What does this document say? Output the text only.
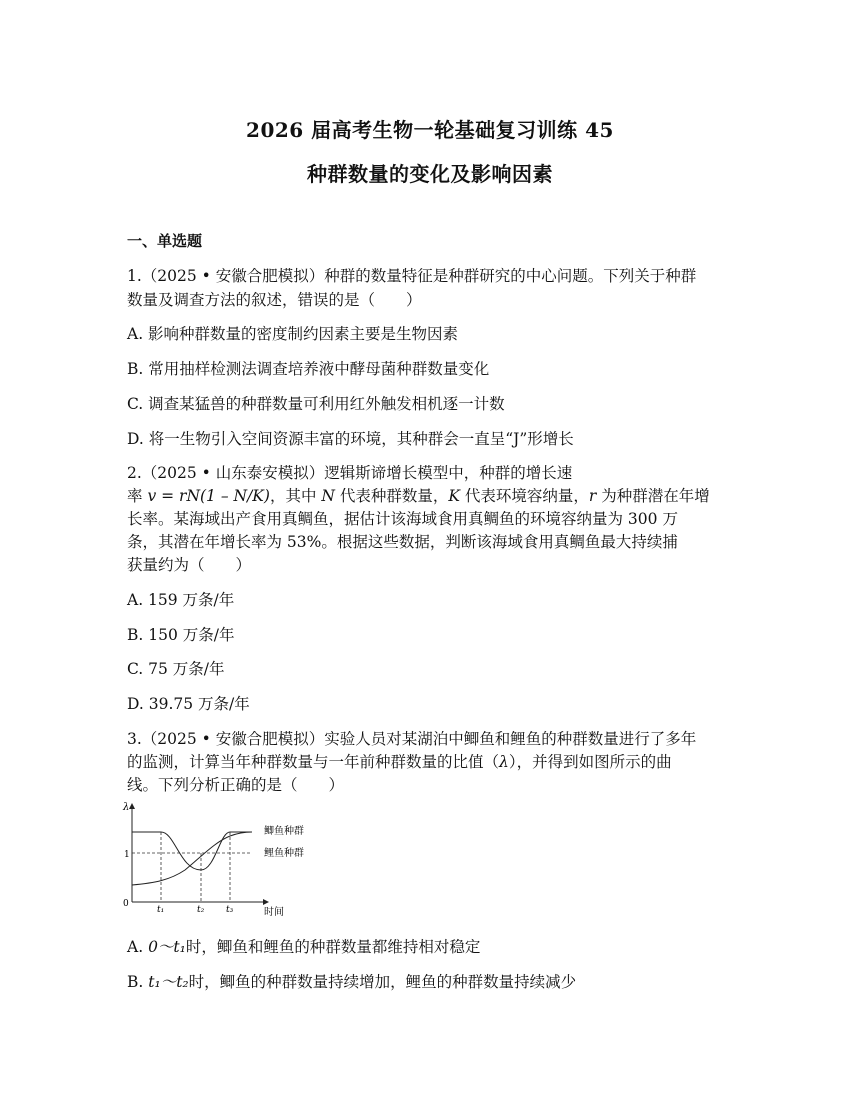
2026 届高考生物一轮基础复习训练 45
种群数量的变化及影响因素
一、单选题
1.（2025 • 安徽合肥模拟）种群的数量特征是种群研究的中心问题。下列关于种群
数量及调查方法的叙述，错误的是（　　）
A. 影响种群数量的密度制约因素主要是生物因素
B. 常用抽样检测法调查培养液中酵母菌种群数量变化
C. 调查某猛兽的种群数量可利用红外触发相机逐一计数
D. 将一生物引入空间资源丰富的环境，其种群会一直呈“J”形增长
2.（2025 • 山东泰安模拟）逻辑斯谛增长模型中，种群的增长速
率 v = rN(1 – N/K)，其中 N 代表种群数量，K 代表环境容纳量，r 为种群潜在年增
长率。某海域出产食用真鲷鱼，据估计该海域食用真鲷鱼的环境容纳量为 300 万
条，其潜在年增长率为 53%。根据这些数据，判断该海域食用真鲷鱼最大持续捕
获量约为（　　）
A. 159 万条/年
B. 150 万条/年
C. 75 万条/年
D. 39.75 万条/年
3.（2025 • 安徽合肥模拟）实验人员对某湖泊中鲫鱼和鲤鱼的种群数量进行了多年
的监测，计算当年种群数量与一年前种群数量的比值（λ），并得到如图所示的曲
线。下列分析正确的是（　　）
λ
0
1
鲫鱼种群
鲤鱼种群
t₁	t₂ t₃	时间
A. 0～t₁时，鲫鱼和鲤鱼的种群数量都维持相对稳定
B. t₁～t₂时，鲫鱼的种群数量持续增加，鲤鱼的种群数量持续减少
